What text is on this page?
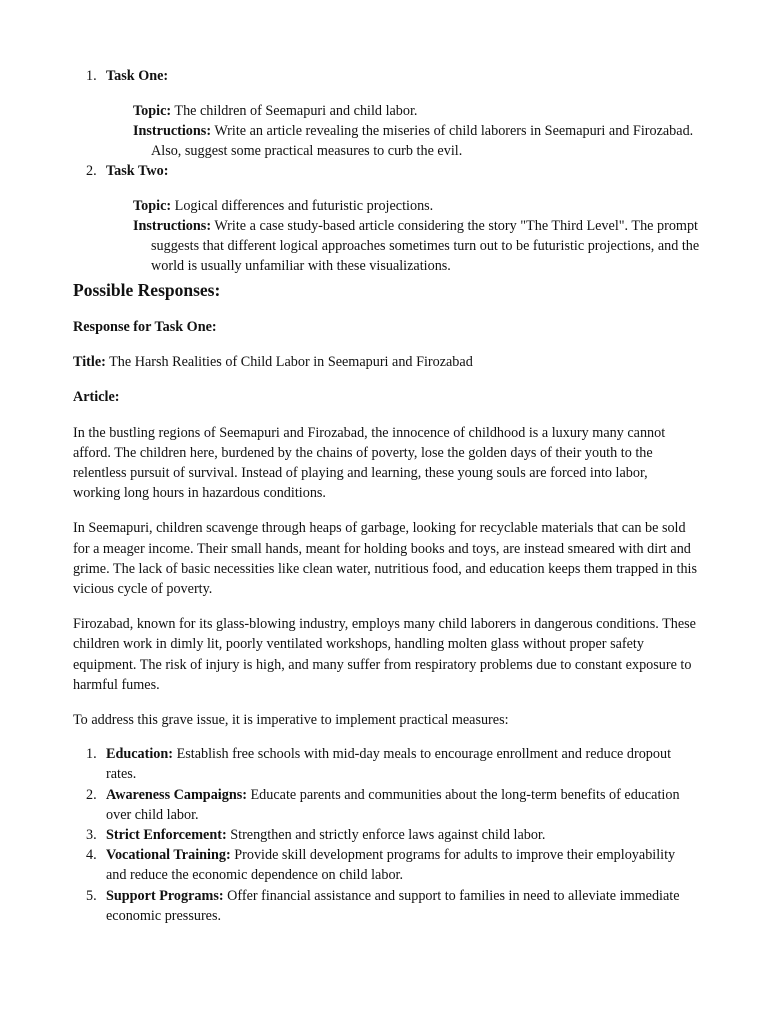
1. Task One:
Topic: The children of Seemapuri and child labor.
Instructions: Write an article revealing the miseries of child laborers in Seemapuri and Firozabad. Also, suggest some practical measures to curb the evil.
2. Task Two:
Topic: Logical differences and futuristic projections.
Instructions: Write a case study-based article considering the story "The Third Level". The prompt suggests that different logical approaches sometimes turn out to be futuristic projections, and the world is usually unfamiliar with these visualizations.
Possible Responses:

Response for Task One:

Title: The Harsh Realities of Child Labor in Seemapuri and Firozabad

Article:

In the bustling regions of Seemapuri and Firozabad, the innocence of childhood is a luxury many cannot afford. The children here, burdened by the chains of poverty, lose the golden days of their youth to the relentless pursuit of survival. Instead of playing and learning, these young souls are forced into labor, working long hours in hazardous conditions.

In Seemapuri, children scavenge through heaps of garbage, looking for recyclable materials that can be sold for a meager income. Their small hands, meant for holding books and toys, are instead smeared with dirt and grime. The lack of basic necessities like clean water, nutritious food, and education keeps them trapped in this vicious cycle of poverty.

Firozabad, known for its glass-blowing industry, employs many child laborers in dangerous conditions. These children work in dimly lit, poorly ventilated workshops, handling molten glass without proper safety equipment. The risk of injury is high, and many suffer from respiratory problems due to constant exposure to harmful fumes.

To address this grave issue, it is imperative to implement practical measures:

1. Education: Establish free schools with mid-day meals to encourage enrollment and reduce dropout rates.
2. Awareness Campaigns: Educate parents and communities about the long-term benefits of education over child labor.
3. Strict Enforcement: Strengthen and strictly enforce laws against child labor.
4. Vocational Training: Provide skill development programs for adults to improve their employability and reduce the economic dependence on child labor.
5. Support Programs: Offer financial assistance and support to families in need to alleviate immediate economic pressures.
